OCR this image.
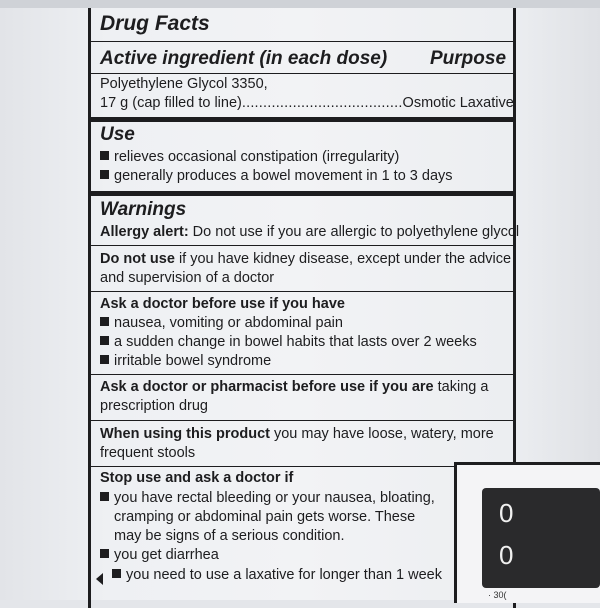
Drug Facts
Active ingredient (in each dose) Purpose
Polyethylene Glycol 3350,
17 g (cap filled to line)......................................Osmotic Laxative
Use
relieves occasional constipation (irregularity)
generally produces a bowel movement in 1 to 3 days
Warnings
Allergy alert: Do not use if you are allergic to polyethylene glycol
Do not use if you have kidney disease, except under the advice
and supervision of a doctor
Ask a doctor before use if you have
nausea, vomiting or abdominal pain
a sudden change in bowel habits that lasts over 2 weeks
irritable bowel syndrome
Ask a doctor or pharmacist before use if you are taking a
prescription drug
When using this product you may have loose, watery, more
frequent stools
Stop use and ask a doctor if
you have rectal bleeding or your nausea, bloating,
cramping or abdominal pain gets worse. These
may be signs of a serious condition.
you get diarrhea
you need to use a laxative for longer than 1 week
0
0
· 30(
